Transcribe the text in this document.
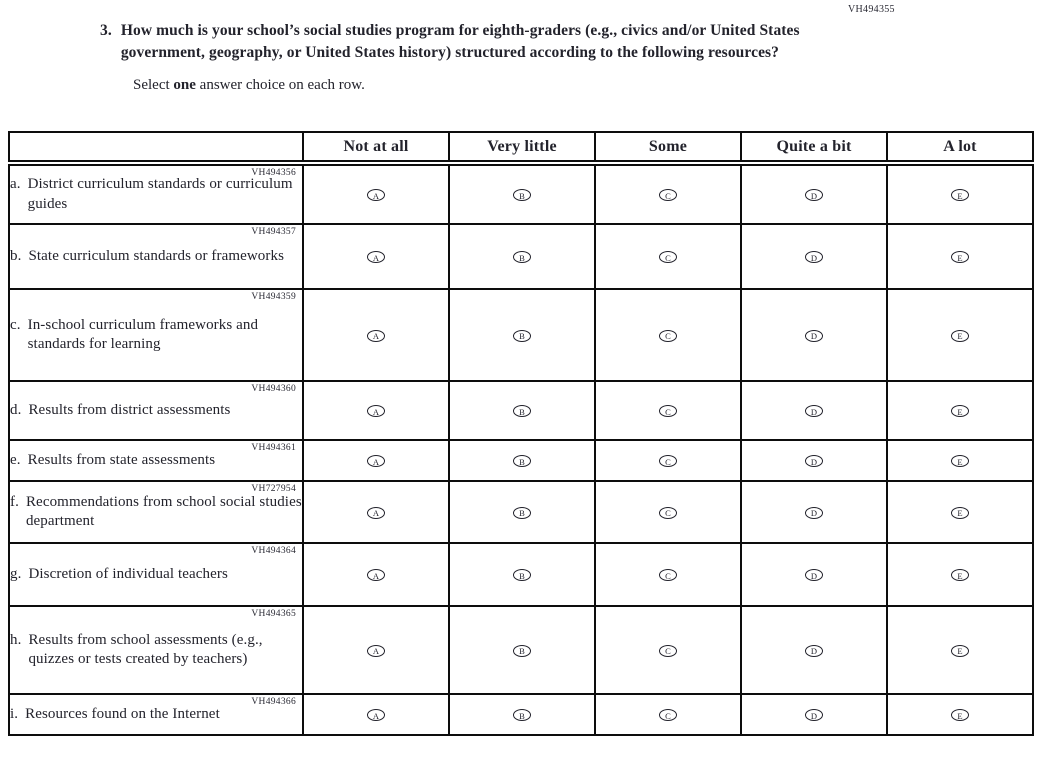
VH494355
3. How much is your school’s social studies program for eighth-graders (e.g., civics and/or United States government, geography, or United States history) structured according to the following resources?
Select one answer choice on each row.
	Not at all	Very little	Some	Quite a bit	A lot

VH494356
a. District curriculum standards or curriculum guides	A	B	C	D	E

VH494357
b. State curriculum standards or frameworks	A	B	C	D	E

VH494359
c. In-school curriculum frameworks and standards for learning	A	B	C	D	E

VH494360
d. Results from district assessments	A	B	C	D	E

VH494361
e. Results from state assessments	A	B	C	D	E

VH727954
f. Recommendations from school social studies department	A	B	C	D	E

VH494364
g. Discretion of individual teachers	A	B	C	D	E

VH494365
h. Results from school assessments (e.g., quizzes or tests created by teachers)	A	B	C	D	E

VH494366
i. Resources found on the Internet	A	B	C	D	E
